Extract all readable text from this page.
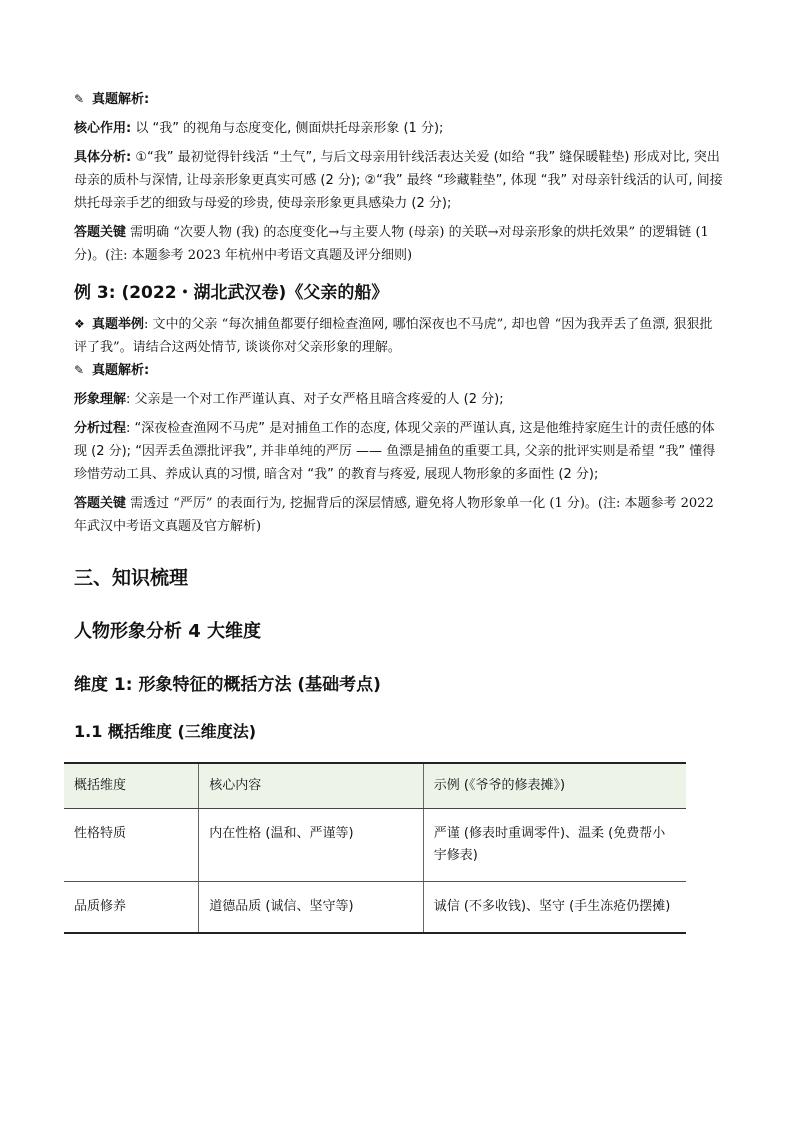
✎ 真题解析:

核心作用: 以 “我” 的视角与态度变化, 侧面烘托母亲形象 (1 分);

具体分析: ①“我” 最初觉得针线活 “土气”, 与后文母亲用针线活表达关爱 (如给 “我” 缝保暖鞋垫) 形成对比, 突出母亲的质朴与深情, 让母亲形象更真实可感 (2 分); ②“我” 最终 “珍藏鞋垫”, 体现 “我” 对母亲针线活的认可, 间接烘托母亲手艺的细致与母爱的珍贵, 使母亲形象更具感染力 (2 分);

答题关键 需明确 “次要人物 (我) 的态度变化→与主要人物 (母亲) 的关联→对母亲形象的烘托效果” 的逻辑链 (1 分)。(注: 本题参考 2023 年杭州中考语文真题及评分细则)

例 3: (2022・湖北武汉卷)《父亲的船》

❖ 真题举例: 文中的父亲 “每次捕鱼都要仔细检查渔网, 哪怕深夜也不马虎”, 却也曾 “因为我弄丢了鱼漂, 狠狠批评了我”。请结合这两处情节, 谈谈你对父亲形象的理解。

✎ 真题解析:

形象理解: 父亲是一个对工作严谨认真、对子女严格且暗含疼爱的人 (2 分);

分析过程: “深夜检查渔网不马虎” 是对捕鱼工作的态度, 体现父亲的严谨认真, 这是他维持家庭生计的责任感的体现 (2 分); “因弄丢鱼漂批评我”, 并非单纯的严厉 —— 鱼漂是捕鱼的重要工具, 父亲的批评实则是希望 “我” 懂得珍惜劳动工具、养成认真的习惯, 暗含对 “我” 的教育与疼爱, 展现人物形象的多面性 (2 分);

答题关键 需透过 “严厉” 的表面行为, 挖掘背后的深层情感, 避免将人物形象单一化 (1 分)。(注: 本题参考 2022 年武汉中考语文真题及官方解析)

三、知识梳理
人物形象分析 4 大维度
维度 1: 形象特征的概括方法 (基础考点)
1.1 概括维度 (三维度法)
概括维度	核心内容	示例 (《爷爷的修表摊》)
性格特质	内在性格 (温和、严谨等)	严谨 (修表时重调零件)、温柔 (免费帮小宇修表)
品质修养	道德品质 (诚信、坚守等)	诚信 (不多收钱)、坚守 (手生冻疮仍摆摊)
